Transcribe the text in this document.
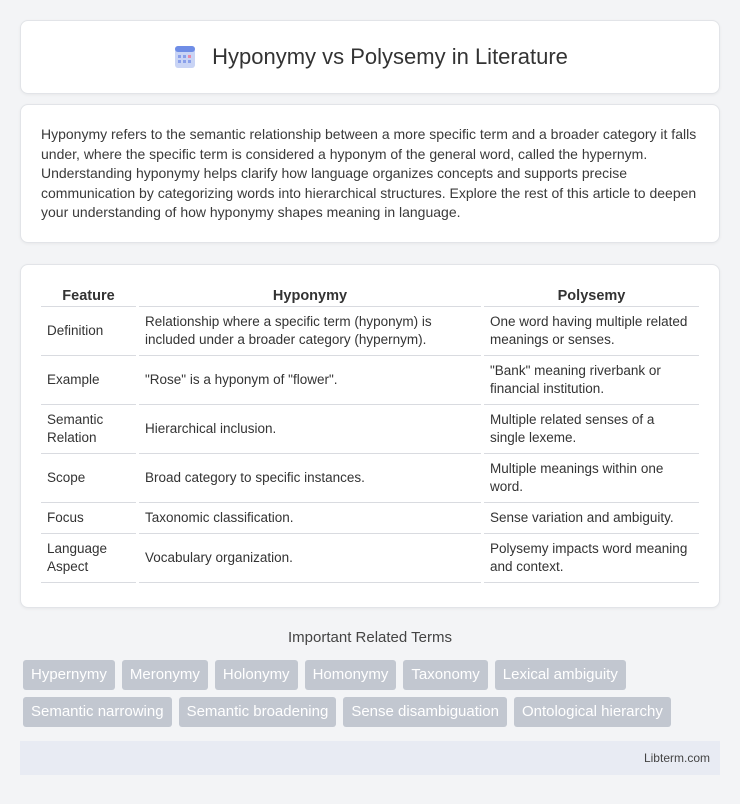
Hyponymy vs Polysemy in Literature

Hyponymy refers to the semantic relationship between a more specific term and a broader category it falls under, where the specific term is considered a hyponym of the general word, called the hypernym. Understanding hyponymy helps clarify how language organizes concepts and supports precise communication by categorizing words into hierarchical structures. Explore the rest of this article to deepen your understanding of how hyponymy shapes meaning in language.

Feature	Hyponymy	Polysemy
Definition	Relationship where a specific term (hyponym) is included under a broader category (hypernym).	One word having multiple related meanings or senses.
Example	"Rose" is a hyponym of "flower".	"Bank" meaning riverbank or financial institution.
Semantic Relation	Hierarchical inclusion.	Multiple related senses of a single lexeme.
Scope	Broad category to specific instances.	Multiple meanings within one word.
Focus	Taxonomic classification.	Sense variation and ambiguity.
Language Aspect	Vocabulary organization.	Polysemy impacts word meaning and context.
Important Related Terms
Hypernymy	Meronymy	Holonymy	Homonymy	Taxonomy	Lexical ambiguity
Semantic narrowing	Semantic broadening	Sense disambiguation	Ontological hierarchy
Libterm.com
